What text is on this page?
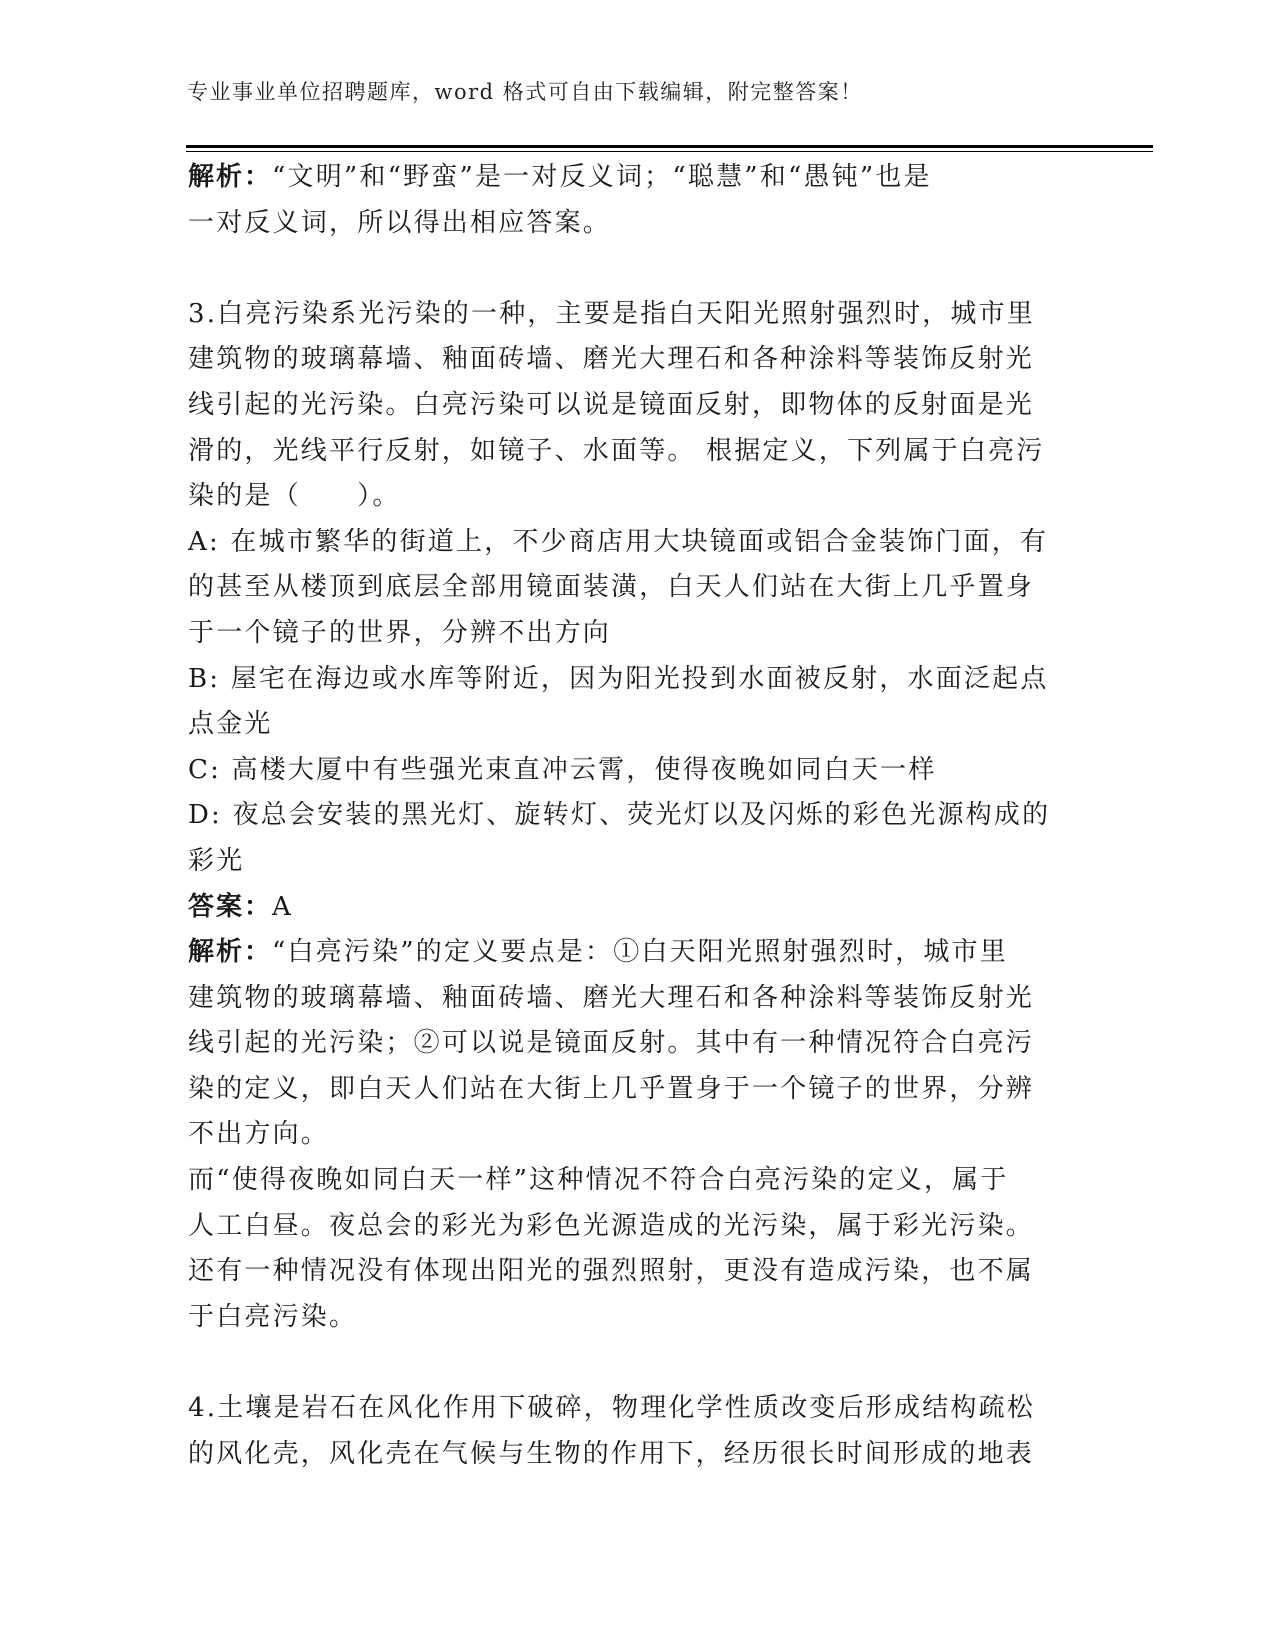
专业事业单位招聘题库，word 格式可自由下载编辑，附完整答案！

解析：“文明”和“野蛮”是一对反义词；“聪慧”和“愚钝”也是

一对反义词，所以得出相应答案。

3.白亮污染系光污染的一种，主要是指白天阳光照射强烈时，城市里

建筑物的玻璃幕墙、釉面砖墙、磨光大理石和各种涂料等装饰反射光

线引起的光污染。白亮污染可以说是镜面反射，即物体的反射面是光

滑的，光线平行反射，如镜子、水面等。 根据定义，下列属于白亮污

染的是（　　）。

A: 在城市繁华的街道上，不少商店用大块镜面或铝合金装饰门面，有

的甚至从楼顶到底层全部用镜面装潢，白天人们站在大街上几乎置身

于一个镜子的世界，分辨不出方向

B: 屋宅在海边或水库等附近，因为阳光投到水面被反射，水面泛起点

点金光

C: 高楼大厦中有些强光束直冲云霄，使得夜晚如同白天一样

D: 夜总会安装的黑光灯、旋转灯、荧光灯以及闪烁的彩色光源构成的

彩光

答案：A

解析：“白亮污染”的定义要点是：①白天阳光照射强烈时，城市里

建筑物的玻璃幕墙、釉面砖墙、磨光大理石和各种涂料等装饰反射光

线引起的光污染；②可以说是镜面反射。其中有一种情况符合白亮污

染的定义，即白天人们站在大街上几乎置身于一个镜子的世界，分辨

不出方向。

而“使得夜晚如同白天一样”这种情况不符合白亮污染的定义，属于

人工白昼。夜总会的彩光为彩色光源造成的光污染，属于彩光污染。

还有一种情况没有体现出阳光的强烈照射，更没有造成污染，也不属

于白亮污染。

4.土壤是岩石在风化作用下破碎，物理化学性质改变后形成结构疏松

的风化壳，风化壳在气候与生物的作用下，经历很长时间形成的地表
